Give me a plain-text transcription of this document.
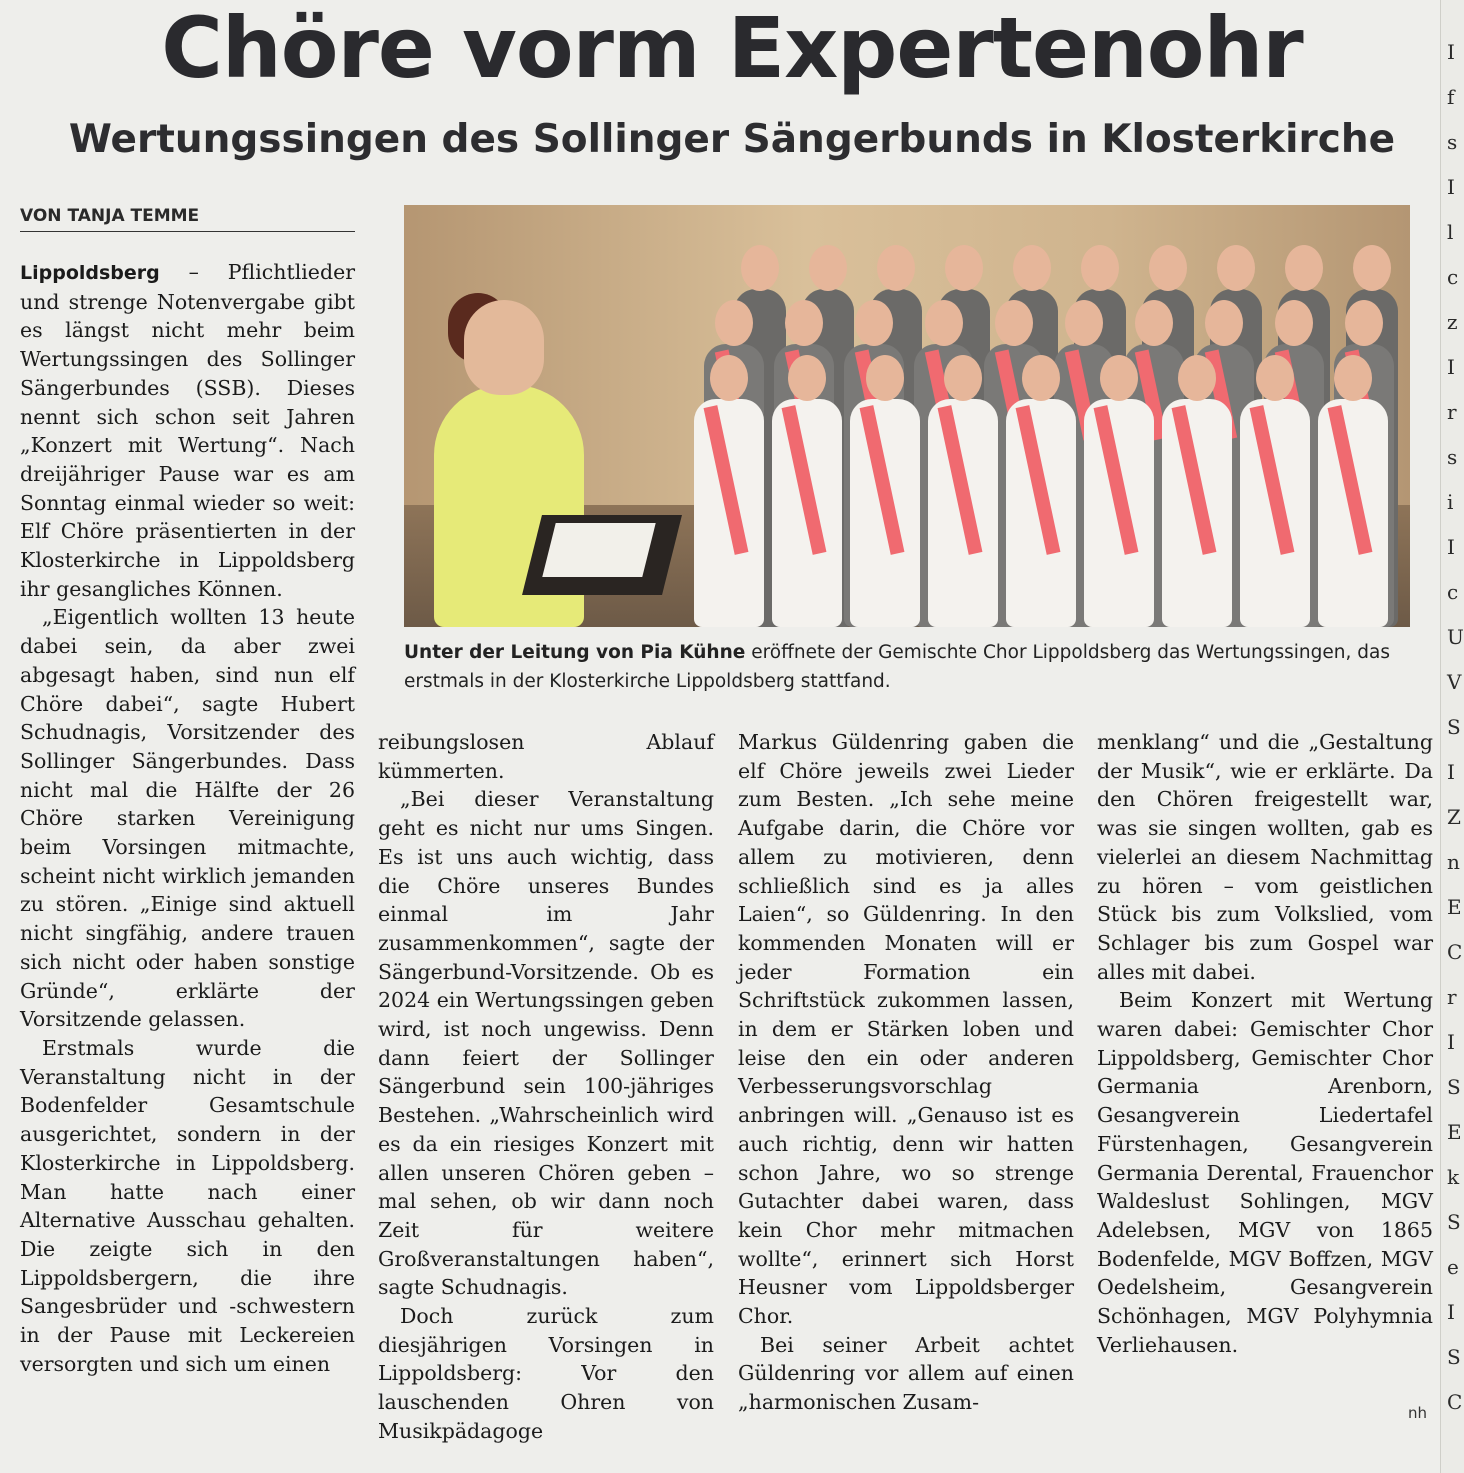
Chöre vorm Expertenohr
Wertungssingen des Sollinger Sängerbunds in Klosterkirche
VON TANJA TEMME

Unter der Leitung von Pia Kühne eröffnete der Gemischte Chor Lippoldsberg das Wertungssingen, das erstmals in der Klosterkirche Lippoldsberg stattfand.

Lippoldsberg – Pflichtlieder und strenge Notenvergabe gibt es längst nicht mehr beim Wertungssingen des Sollinger Sängerbundes (SSB). Dieses nennt sich schon seit Jahren „Konzert mit Wertung“. Nach dreijähriger Pause war es am Sonntag einmal wieder so weit: Elf Chöre präsentierten in der Klosterkirche in Lippoldsberg ihr gesangliches Können.

„Eigentlich wollten 13 heute dabei sein, da aber zwei abgesagt haben, sind nun elf Chöre dabei“, sagte Hubert Schudnagis, Vorsitzender des Sollinger Sängerbundes. Dass nicht mal die Hälfte der 26 Chöre starken Vereinigung beim Vorsingen mitmachte, scheint nicht wirklich jemanden zu stören. „Einige sind aktuell nicht singfähig, andere trauen sich nicht oder haben sonstige Gründe“, erklärte der Vorsitzende gelassen.

Erstmals wurde die Veranstaltung nicht in der Bodenfelder Gesamtschule ausgerichtet, sondern in der Klosterkirche in Lippoldsberg. Man hatte nach einer Alternative Ausschau gehalten. Die zeigte sich in den Lippoldsbergern, die ihre Sangesbrüder und -schwestern in der Pause mit Leckereien versorgten und sich um einen

reibungslosen Ablauf kümmerten.

„Bei dieser Veranstaltung geht es nicht nur ums Singen. Es ist uns auch wichtig, dass die Chöre unseres Bundes einmal im Jahr zusammenkommen“, sagte der Sängerbund-Vorsitzende. Ob es 2024 ein Wertungssingen geben wird, ist noch ungewiss. Denn dann feiert der Sollinger Sängerbund sein 100-jähriges Bestehen. „Wahrscheinlich wird es da ein riesiges Konzert mit allen unseren Chören geben – mal sehen, ob wir dann noch Zeit für weitere Großveranstaltungen haben“, sagte Schudnagis.

Doch zurück zum diesjährigen Vorsingen in Lippoldsberg: Vor den lauschenden Ohren von Musikpädagoge

Markus Güldenring gaben die elf Chöre jeweils zwei Lieder zum Besten. „Ich sehe meine Aufgabe darin, die Chöre vor allem zu motivieren, denn schließlich sind es ja alles Laien“, so Güldenring. In den kommenden Monaten will er jeder Formation ein Schriftstück zukommen lassen, in dem er Stärken loben und leise den ein oder anderen Verbesserungsvorschlag anbringen will. „Genauso ist es auch richtig, denn wir hatten schon Jahre, wo so strenge Gutachter dabei waren, dass kein Chor mehr mitmachen wollte“, erinnert sich Horst Heusner vom Lippoldsberger Chor.

Bei seiner Arbeit achtet Güldenring vor allem auf einen „harmonischen Zusam-

menklang“ und die „Gestaltung der Musik“, wie er erklärte. Da den Chören freigestellt war, was sie singen wollten, gab es vielerlei an diesem Nachmittag zu hören – vom geistlichen Stück bis zum Volkslied, vom Schlager bis zum Gospel war alles mit dabei.

Beim Konzert mit Wertung waren dabei: Gemischter Chor Lippoldsberg, Gemischter Chor Germania Arenborn, Gesangverein Liedertafel Fürstenhagen, Gesangverein Germania Derental, Frauenchor Waldeslust Sohlingen, MGV Adelebsen, MGV von 1865 Bodenfelde, MGV Boffzen, MGV Oedelsheim, Gesangverein Schönhagen, MGV Polyhymnia Verliehausen.

nh
I
f
s
I
l
c
z
I
r
s
i
I
c
U
V
S
I
Z
n
E
C
r
I
S
E
k
S
e
I
S
C
